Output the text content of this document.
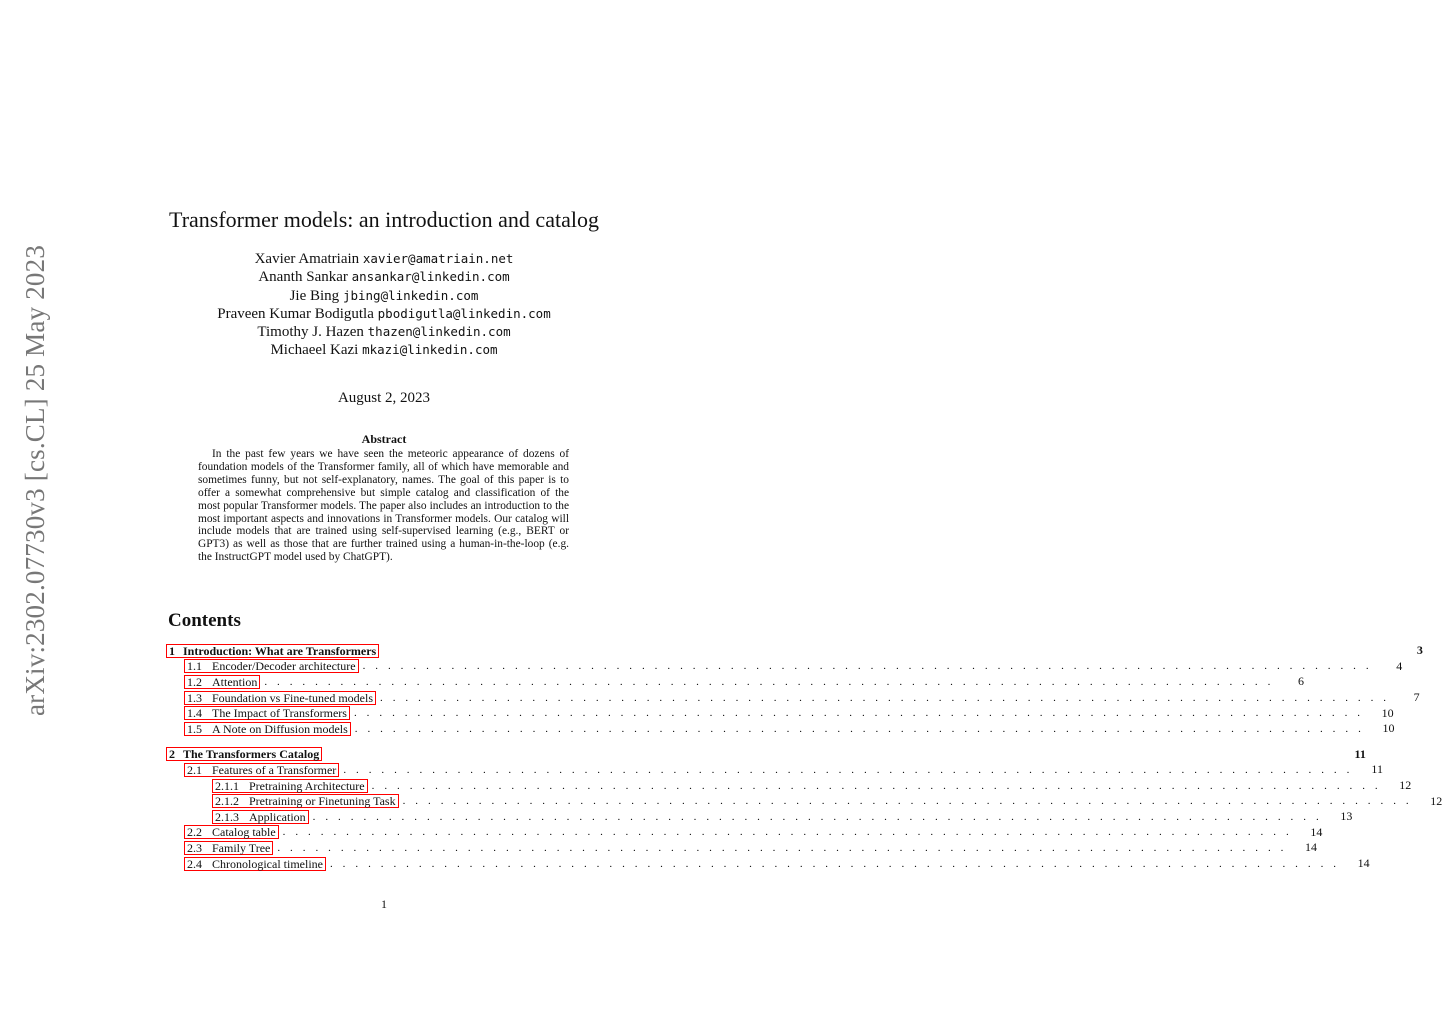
arXiv:2302.07730v3 [cs.CL] 25 May 2023
Transformer models: an introduction and catalog
Xavier Amatriain xavier@amatriain.net
Ananth Sankar ansankar@linkedin.com
Jie Bing jbing@linkedin.com
Praveen Kumar Bodigutla pbodigutla@linkedin.com
Timothy J. Hazen thazen@linkedin.com
Michaeel Kazi mkazi@linkedin.com
August 2, 2023
Abstract
In the past few years we have seen the meteoric appearance of dozens of foundation models of the Transformer family, all of which have memorable and sometimes funny, but not self-explanatory, names. The goal of this paper is to offer a somewhat comprehensive but simple catalog and classification of the most popular Transformer models. The paper also includes an introduction to the most important aspects and innovations in Transformer models. Our catalog will include models that are trained using self-supervised learning (e.g., BERT or GPT3) as well as those that are further trained using a human-in-the-loop (e.g. the InstructGPT model used by ChatGPT).
Contents
1 Introduction: What are Transformers	3
1.1 Encoder/Decoder architecture . . . . . . . . . . . . . . . . . . . . . . . . . . . . . . . . . . . . . . . . . . . . . . . . . . . . . . . . . . . . . . . . . . . . . . . . . . . . . . . .	4
1.2 Attention . . . . . . . . . . . . . . . . . . . . . . . . . . . . . . . . . . . . . . . . . . . . . . . . . . . . . . . . . . . . . . . . . . . . . . . . . . . . . . . .	6
1.3 Foundation vs Fine-tuned models . . . . . . . . . . . . . . . . . . . . . . . . . . . . . . . . . . . . . . . . . . . . . . . . . . . . . . . . . . . . . . . . . . . . . . . . . . . . . . . .	7
1.4 The Impact of Transformers . . . . . . . . . . . . . . . . . . . . . . . . . . . . . . . . . . . . . . . . . . . . . . . . . . . . . . . . . . . . . . . . . . . . . . . . . . . . . . . .	10
1.5 A Note on Diffusion models . . . . . . . . . . . . . . . . . . . . . . . . . . . . . . . . . . . . . . . . . . . . . . . . . . . . . . . . . . . . . . . . . . . . . . . . . . . . . . . .	10
2 The Transformers Catalog	11
2.1 Features of a Transformer . . . . . . . . . . . . . . . . . . . . . . . . . . . . . . . . . . . . . . . . . . . . . . . . . . . . . . . . . . . . . . . . . . . . . . . . . . . . . . . .	11
2.1.1 Pretraining Architecture . . . . . . . . . . . . . . . . . . . . . . . . . . . . . . . . . . . . . . . . . . . . . . . . . . . . . . . . . . . . . . . . . . . . . . . . . . . . . . . .	12
2.1.2 Pretraining or Finetuning Task . . . . . . . . . . . . . . . . . . . . . . . . . . . . . . . . . . . . . . . . . . . . . . . . . . . . . . . . . . . . . . . . . . . . . . . . . . . . . . . .	12
2.1.3 Application . . . . . . . . . . . . . . . . . . . . . . . . . . . . . . . . . . . . . . . . . . . . . . . . . . . . . . . . . . . . . . . . . . . . . . . . . . . . . . . .	13
2.2 Catalog table . . . . . . . . . . . . . . . . . . . . . . . . . . . . . . . . . . . . . . . . . . . . . . . . . . . . . . . . . . . . . . . . . . . . . . . . . . . . . . . .	14
2.3 Family Tree . . . . . . . . . . . . . . . . . . . . . . . . . . . . . . . . . . . . . . . . . . . . . . . . . . . . . . . . . . . . . . . . . . . . . . . . . . . . . . . .	14
2.4 Chronological timeline . . . . . . . . . . . . . . . . . . . . . . . . . . . . . . . . . . . . . . . . . . . . . . . . . . . . . . . . . . . . . . . . . . . . . . . . . . . . . . . .	14
1
